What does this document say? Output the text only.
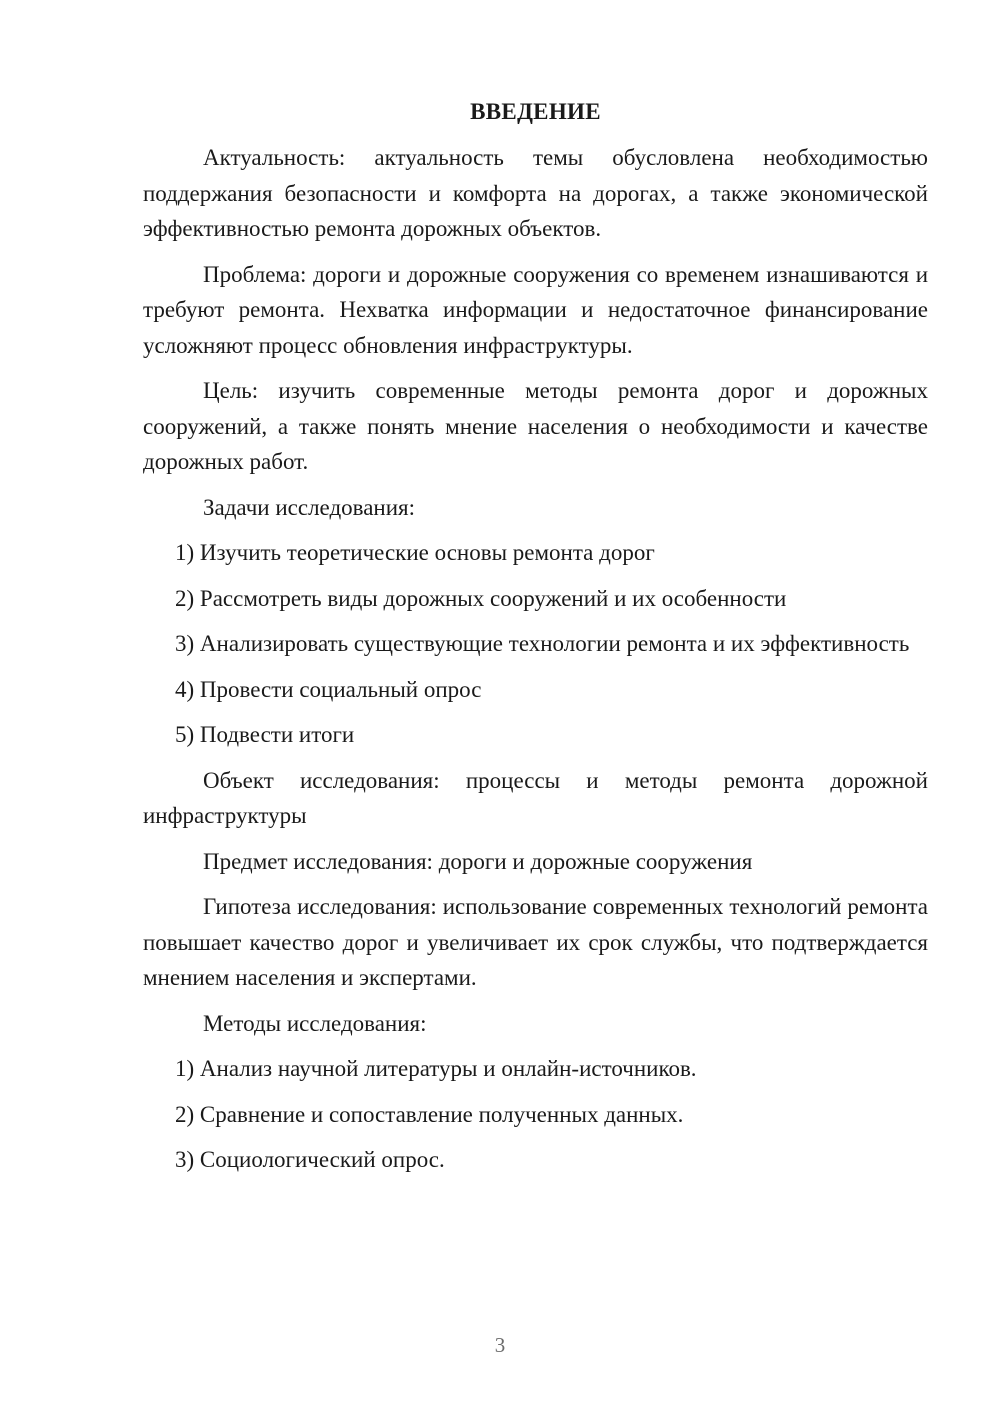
ВВЕДЕНИЕ

Актуальность: актуальность темы обусловлена необходимостью поддержания безопасности и комфорта на дорогах, а также экономической эффективностью ремонта дорожных объектов.

Проблема: дороги и дорожные сооружения со временем изнашиваются и требуют ремонта. Нехватка информации и недостаточное финансирование усложняют процесс обновления инфраструктуры.

Цель: изучить современные методы ремонта дорог и дорожных сооружений, а также понять мнение населения о необходимости и качестве дорожных работ.

Задачи исследования:

1) Изучить теоретические основы ремонта дорог

2) Рассмотреть виды дорожных сооружений и их особенности

3) Анализировать существующие технологии ремонта и их эффективность

4) Провести социальный опрос

5) Подвести итоги

Объект исследования: процессы и методы ремонта дорожной инфраструктуры

Предмет исследования: дороги и дорожные сооружения

Гипотеза исследования: использование современных технологий ремонта повышает качество дорог и увеличивает их срок службы, что подтверждается мнением населения и экспертами.

Методы исследования:

1) Анализ научной литературы и онлайн-источников.

2) Сравнение и сопоставление полученных данных.

3) Социологический опрос.

3
